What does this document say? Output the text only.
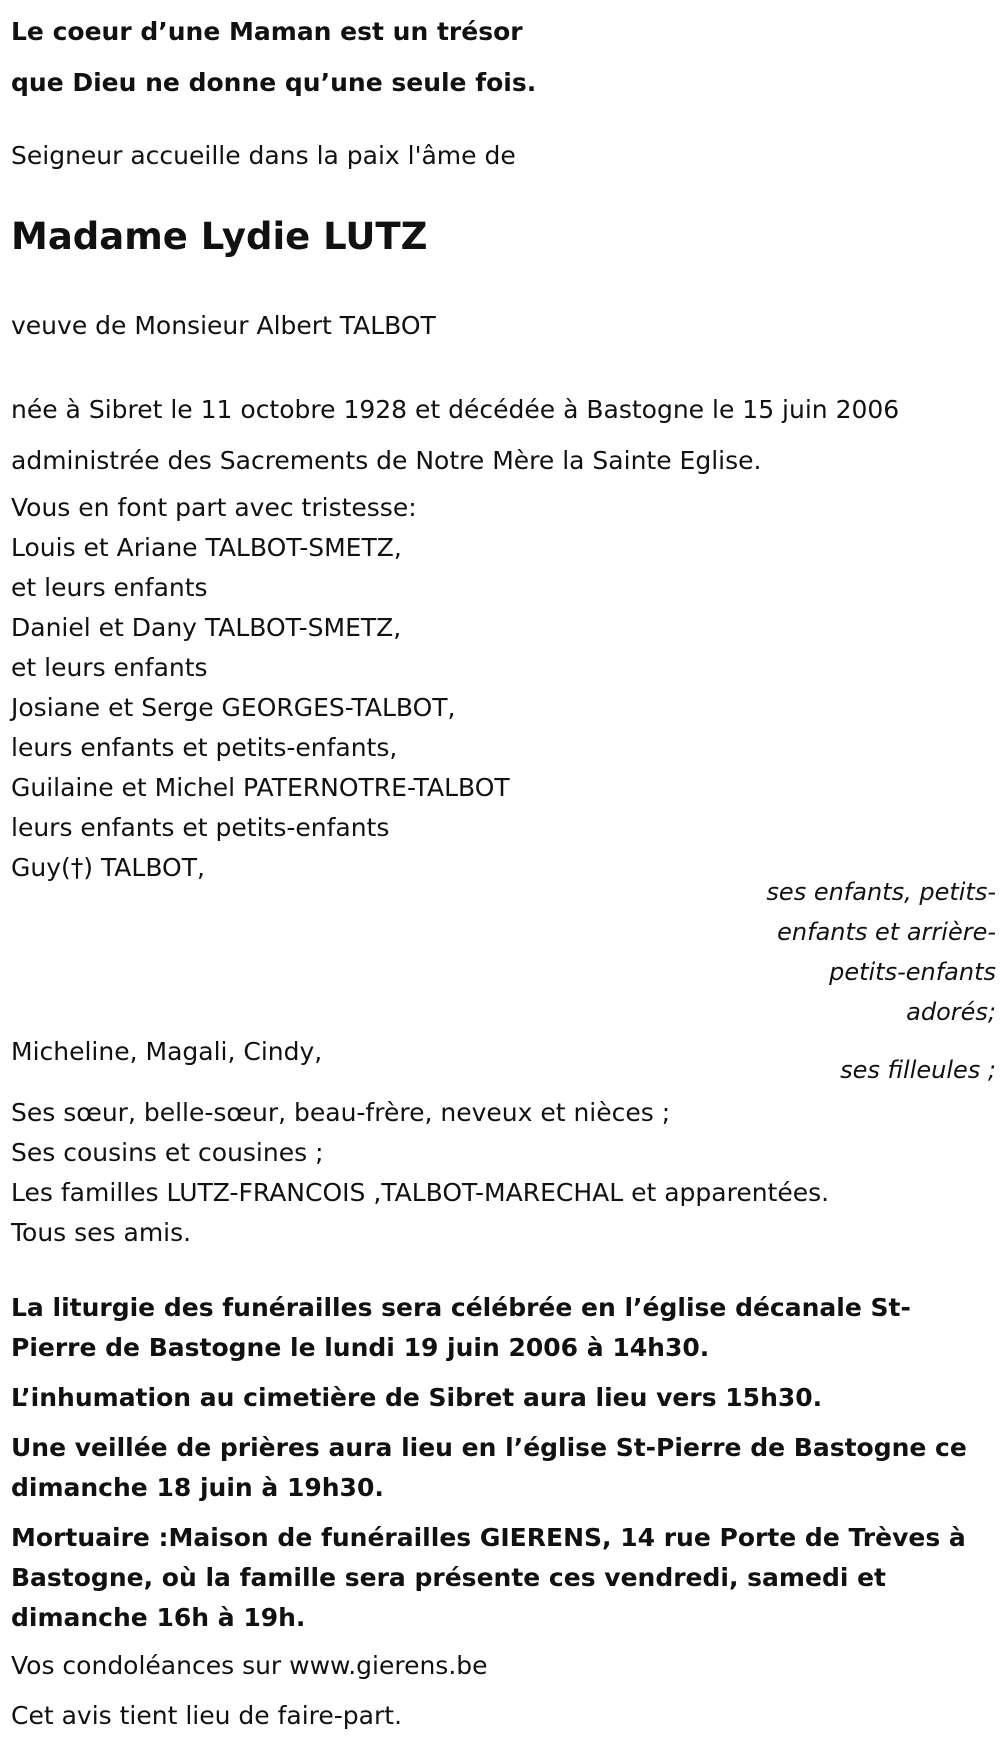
Le coeur d’une Maman est un trésor
que Dieu ne donne qu’une seule fois.
Seigneur accueille dans la paix l'âme de
Madame Lydie LUTZ
veuve de Monsieur Albert TALBOT
née à Sibret le 11 octobre 1928 et décédée à Bastogne le 15 juin 2006
administrée des Sacrements de Notre Mère la Sainte Eglise.
Vous en font part avec tristesse:
Louis et Ariane TALBOT-SMETZ,
et leurs enfants
Daniel et Dany TALBOT-SMETZ,
et leurs enfants
Josiane et Serge GEORGES-TALBOT,
leurs enfants et petits-enfants,
Guilaine et Michel PATERNOTRE-TALBOT
leurs enfants et petits-enfants
Guy(†) TALBOT,
ses enfants, petits-
enfants et arrière-
petits-enfants
adorés;
Micheline, Magali, Cindy,
ses filleules ;
Ses sœur, belle-sœur, beau-frère, neveux et nièces ;
Ses cousins et cousines ;
Les familles LUTZ-FRANCOIS ,TALBOT-MARECHAL et apparentées.
Tous ses amis.

La liturgie des funérailles sera célébrée en l’église décanale St-Pierre de Bastogne le lundi 19 juin 2006 à 14h30.

L’inhumation au cimetière de Sibret aura lieu vers 15h30.

Une veillée de prières aura lieu en l’église St-Pierre de Bastogne ce dimanche 18 juin à 19h30.

Mortuaire :Maison de funérailles GIERENS, 14 rue Porte de Trèves à Bastogne, où la famille sera présente ces vendredi, samedi et dimanche 16h à 19h.

Vos condoléances sur www.gierens.be
Cet avis tient lieu de faire-part.
